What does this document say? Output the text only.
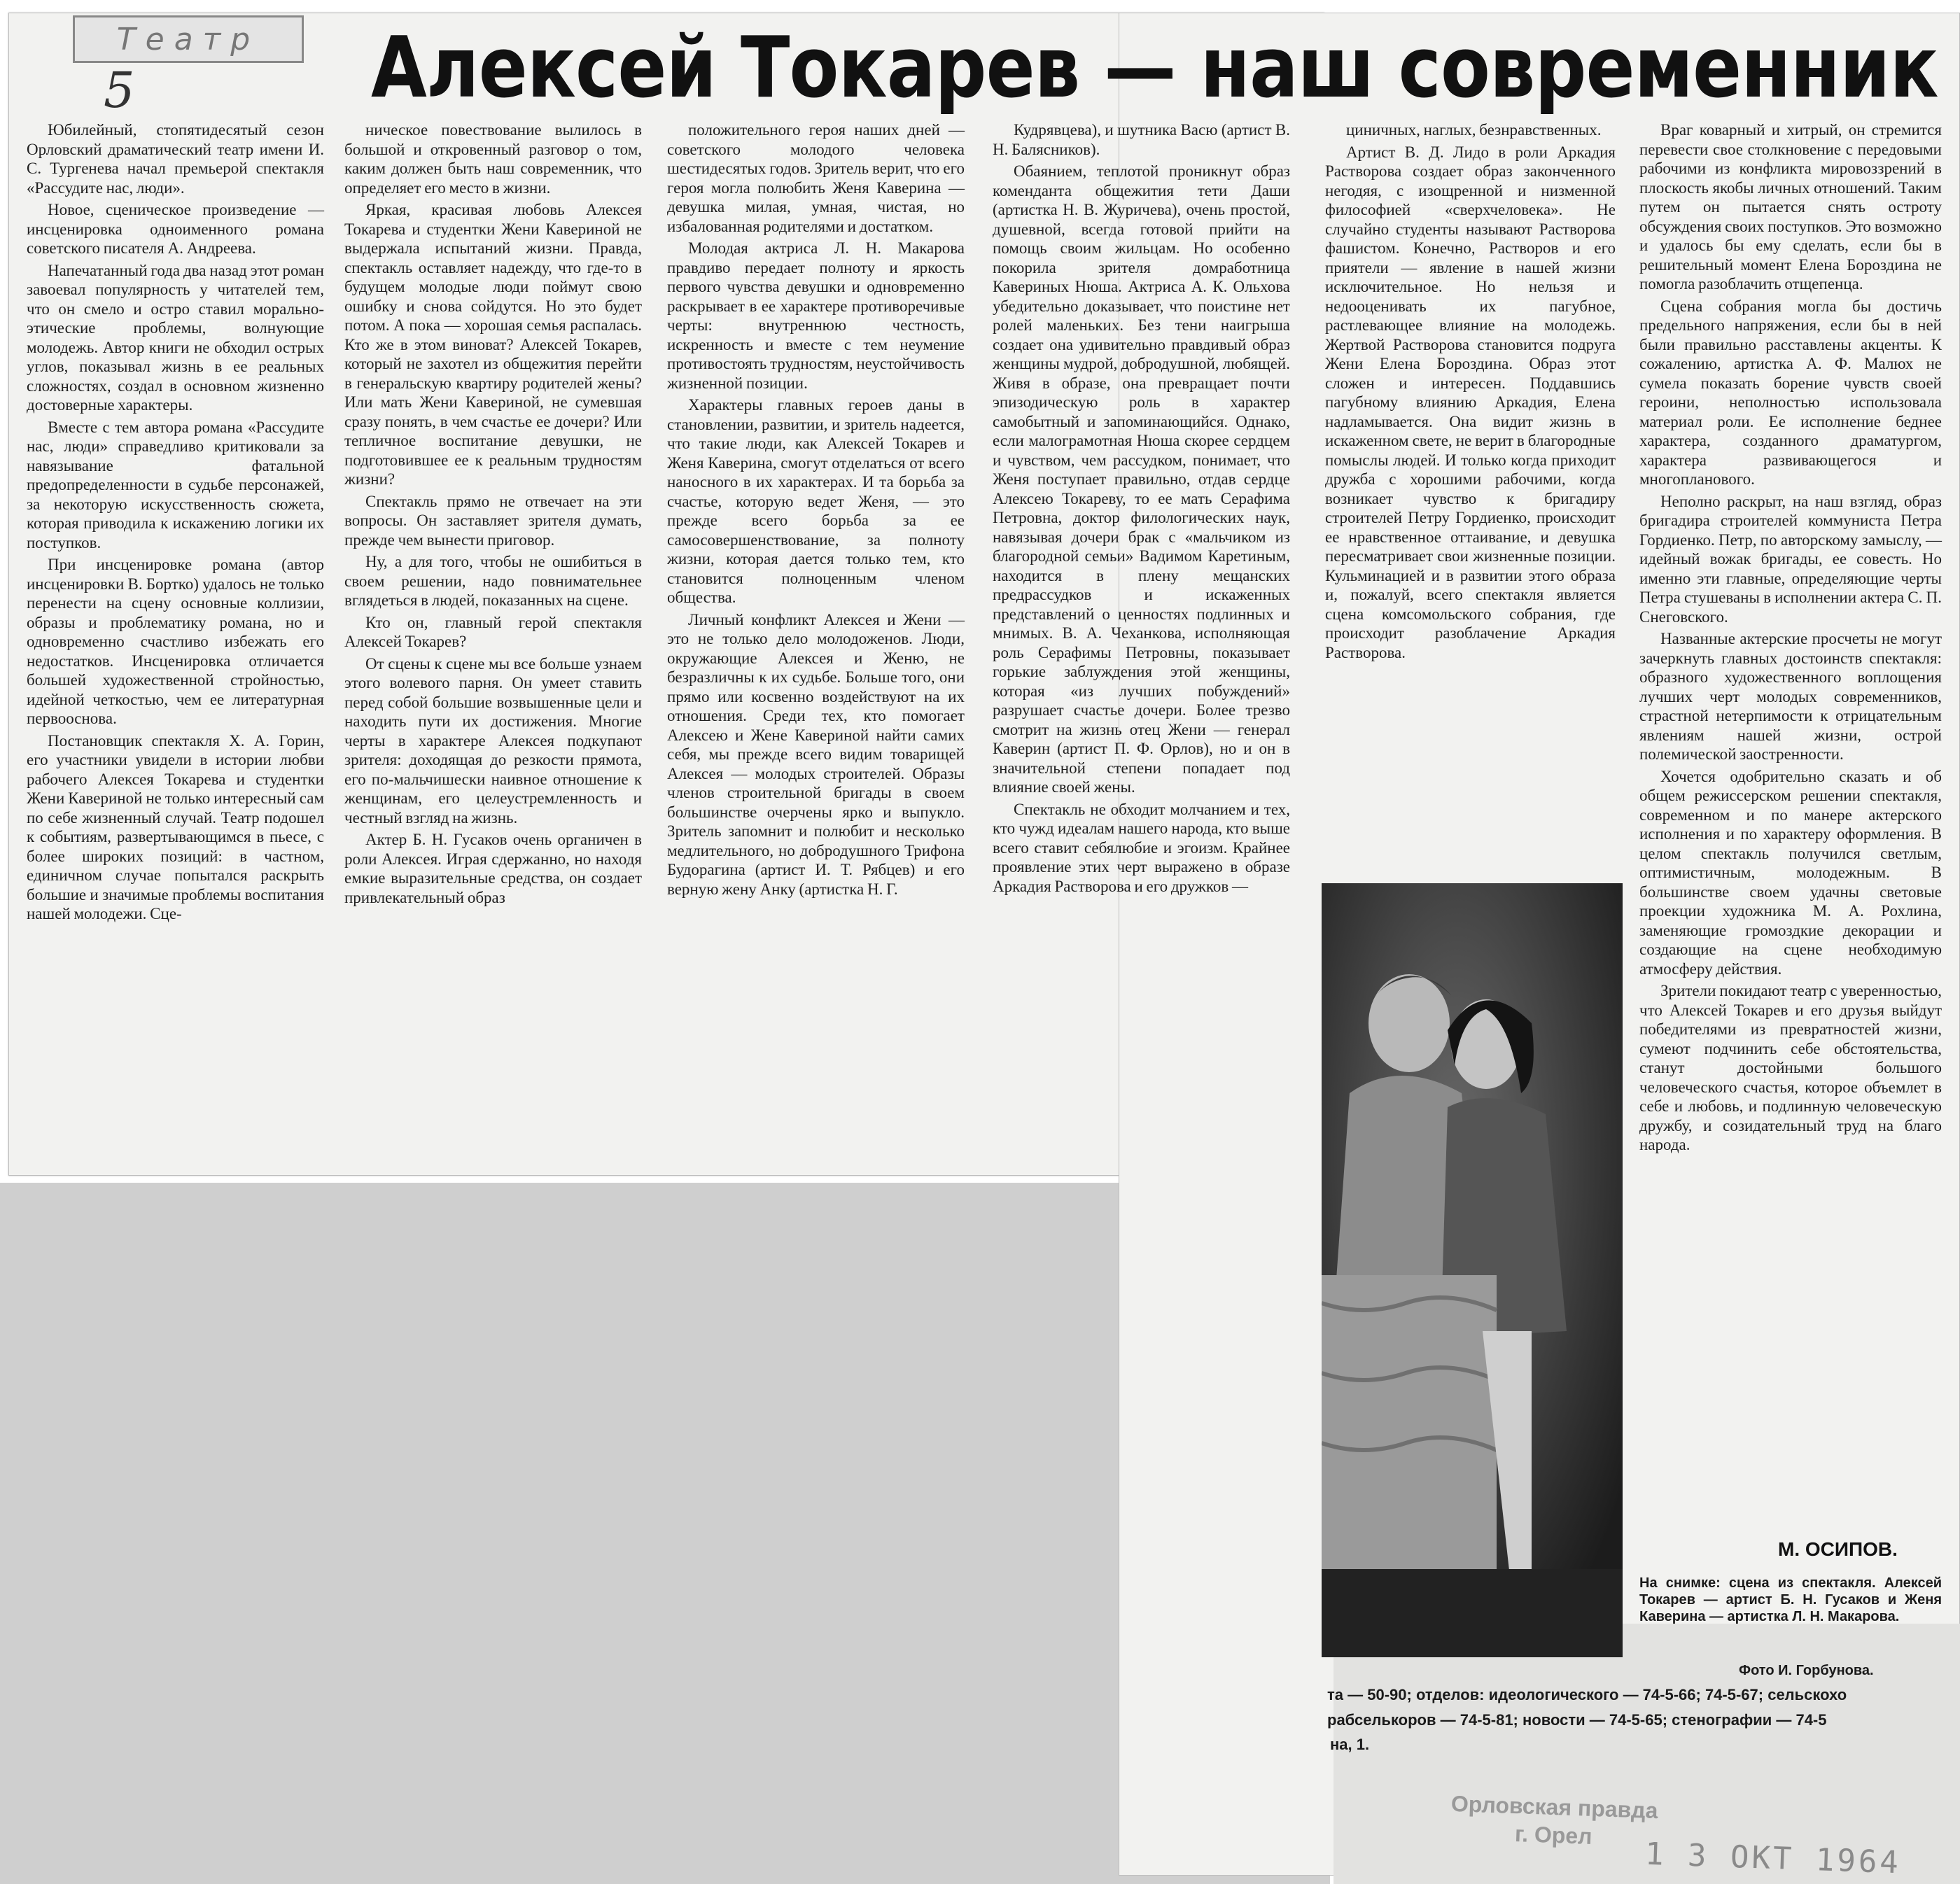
Театр
5	Алексей Токарев — наш современник

Юбилейный, стопятидесятый сезон Орловский драматический театр имени И. С. Тургенева начал премьерой спектакля «Рассудите нас, люди».

Новое, сценическое произведение — инсценировка одноименного романа советского писателя А. Андреева.

Напечатанный года два назад этот роман завоевал популярность у читателей тем, что он смело и остро ставил морально-этические проблемы, волнующие молодежь. Автор книги не обходил острых углов, показывал жизнь в ее реальных сложностях, создал в основном жизненно достоверные характеры.

Вместе с тем автора романа «Рассудите нас, люди» справедливо критиковали за навязывание фатальной предопределенности в судьбе персонажей, за некоторую искусственность сюжета, которая приводила к искажению логики их поступков.

При инсценировке романа (автор инсценировки В. Бортко) удалось не только перенести на сцену основные коллизии, образы и проблематику романа, но и одновременно счастливо избежать его недостатков. Инсценировка отличается большей художественной стройностью, идейной четкостью, чем ее литературная первооснова.

Постановщик спектакля Х. А. Горин, его участники увидели в истории любви рабочего Алексея Токарева и студентки Жени Кавериной не только интересный сам по себе жизненный случай. Театр подошел к событиям, развертывающимся в пьесе, с более широких позиций: в частном, единичном случае попытался раскрыть большие и значимые проблемы воспитания нашей молодежи. Сце-

ническое повествование вылилось в большой и откровенный разговор о том, каким должен быть наш современник, что определяет его место в жизни.

Яркая, красивая любовь Алексея Токарева и студентки Жени Кавериной не выдержала испытаний жизни. Правда, спектакль оставляет надежду, что где-то в будущем молодые люди поймут свою ошибку и снова сойдутся. Но это будет потом. А пока — хорошая семья распалась. Кто же в этом виноват? Алексей Токарев, который не захотел из общежития перейти в генеральскую квартиру родителей жены? Или мать Жени Кавериной, не сумевшая сразу понять, в чем счастье ее дочери? Или тепличное воспитание девушки, не подготовившее ее к реальным трудностям жизни?

Спектакль прямо не отвечает на эти вопросы. Он заставляет зрителя думать, прежде чем вынести приговор.

Ну, а для того, чтобы не ошибиться в своем решении, надо повнимательнее вглядеться в людей, показанных на сцене.

Кто он, главный герой спектакля Алексей Токарев?

От сцены к сцене мы все больше узнаем этого волевого парня. Он умеет ставить перед собой большие возвышенные цели и находить пути их достижения. Многие черты в характере Алексея подкупают зрителя: доходящая до резкости прямота, его по-мальчишески наивное отношение к женщинам, его целеустремленность и честный взгляд на жизнь.

Актер Б. Н. Гусаков очень органичен в роли Алексея. Играя сдержанно, но находя емкие выразительные средства, он создает привлекательный образ

положительного героя наших дней — советского молодого человека шестидесятых годов. Зритель верит, что его героя могла полюбить Женя Каверина — девушка милая, умная, чистая, но избалованная родителями и достатком.

Молодая актриса Л. Н. Макарова правдиво передает полноту и яркость первого чувства девушки и одновременно раскрывает в ее характере противоречивые черты: внутреннюю честность, искренность и вместе с тем неумение противостоять трудностям, неустойчивость жизненной позиции.

Характеры главных героев даны в становлении, развитии, и зритель надеется, что такие люди, как Алексей Токарев и Женя Каверина, смогут отделаться от всего наносного в их характерах. И та борьба за счастье, которую ведет Женя, — это прежде всего борьба за ее самосовершенствование, за полноту жизни, которая дается только тем, кто становится полноценным членом общества.

Личный конфликт Алексея и Жени — это не только дело молодоженов. Люди, окружающие Алексея и Женю, не безразличны к их судьбе. Больше того, они прямо или косвенно воздействуют на их отношения. Среди тех, кто помогает Алексею и Жене Кавериной найти самих себя, мы прежде всего видим товарищей Алексея — молодых строителей. Образы членов строительной бригады в своем большинстве очерчены ярко и выпукло. Зритель запомнит и полюбит и несколько медлительного, но добродушного Трифона Будорагина (артист И. Т. Рябцев) и его верную жену Анку (артистка Н. Г.

Кудрявцева), и шутника Васю (артист В. Н. Балясников).

Обаянием, теплотой проникнут образ коменданта общежития тети Даши (артистка Н. В. Журичева), очень простой, душевной, всегда готовой прийти на помощь своим жильцам. Но особенно покорила зрителя домработница Кавериных Нюша. Актриса А. К. Ольхова убедительно доказывает, что поистине нет ролей маленьких. Без тени наигрыша создает она удивительно правдивый образ женщины мудрой, добродушной, любящей. Живя в образе, она превращает почти эпизодическую роль в характер самобытный и запоминающийся. Однако, если малограмотная Нюша скорее сердцем и чувством, чем рассудком, понимает, что Женя поступает правильно, отдав сердце Алексею Токареву, то ее мать Серафима Петровна, доктор филологических наук, навязывая дочери брак с «мальчиком из благородной семьи» Вадимом Каретиным, находится в плену мещанских предрассудков и искаженных представлений о ценностях подлинных и мнимых. В. А. Чеханкова, исполняющая роль Серафимы Петровны, показывает горькие заблуждения этой женщины, которая «из лучших побуждений» разрушает счастье дочери. Более трезво смотрит на жизнь отец Жени — генерал Каверин (артист П. Ф. Орлов), но и он в значительной степени попадает под влияние своей жены.

Спектакль не обходит молчанием и тех, кто чужд идеалам нашего народа, кто выше всего ставит себялюбие и эгоизм. Крайнее проявление этих черт выражено в образе Аркадия Растворова и его дружков —

циничных, наглых, безнравственных.

Артист В. Д. Лидо в роли Аркадия Растворова создает образ законченного негодяя, с изощренной и низменной философией «сверхчеловека». Не случайно студенты называют Растворова фашистом. Конечно, Растворов и его приятели — явление в нашей жизни исключительное. Но нельзя и недооценивать их пагубное, растлевающее влияние на молодежь. Жертвой Растворова становится подруга Жени Елена Бороздина. Образ этот сложен и интересен. Поддавшись пагубному влиянию Аркадия, Елена надламывается. Она видит жизнь в искаженном свете, не верит в благородные помыслы людей. И только когда приходит дружба с хорошими рабочими, когда возникает чувство к бригадиру строителей Петру Гордиенко, происходит ее нравственное оттаивание, и девушка пересматривает свои жизненные позиции. Кульминацией и в развитии этого образа и, пожалуй, всего спектакля является сцена комсомольского собрания, где происходит разоблачение Аркадия Растворова.

Враг коварный и хитрый, он стремится перевести свое столкновение с передовыми рабочими из конфликта мировоззрений в плоскость якобы личных отношений. Таким путем он пытается снять остроту обсуждения своих поступков. Это возможно и удалось бы ему сделать, если бы в решительный момент Елена Бороздина не помогла разоблачить отщепенца.

Сцена собрания могла бы достичь предельного напряжения, если бы в ней были правильно расставлены акценты. К сожалению, артистка А. Ф. Малюх не сумела показать борение чувств своей героини, неполностью использовала материал роли. Ее исполнение беднее характера, созданного драматургом, характера развивающегося и многопланового.

Неполно раскрыт, на наш взгляд, образ бригадира строителей коммуниста Петра Гордиенко. Петр, по авторскому замыслу, — идейный вожак бригады, ее совесть. Но именно эти главные, определяющие черты Петра стушеваны в исполнении актера С. П. Снеговского.

Названные актерские просчеты не могут зачеркнуть главных достоинств спектакля: образного художественного воплощения лучших черт молодых современников, страстной нетерпимости к отрицательным явлениям нашей жизни, острой полемической заостренности.

Хочется одобрительно сказать и об общем режиссерском решении спектакля, современном и по манере актерского исполнения и по характеру оформления. В целом спектакль получился светлым, оптимистичным, молодежным. В большинстве своем удачны световые проекции художника М. А. Рохлина, заменяющие громоздкие декорации и создающие на сцене необходимую атмосферу действия.

Зрители покидают театр с уверенностью, что Алексей Токарев и его друзья выйдут победителями из превратностей жизни, сумеют подчинить себе обстоятельства, станут достойными большого человеческого счастья, которое объемлет в себе и любовь, и подлинную человеческую дружбу, и созидательный труд на благо народа.

М. ОСИПОВ.
На снимке: сцена из спектакля. Алексей Токарев — артист Б. Н. Гусаков и Женя Каверина — артистка Л. Н. Макарова.
Фото И. Горбунова.
та — 50-90; отделов: идеологического — 74-5-66; 74-5-67; сельскохо
рабселькоров — 74-5-81; новости — 74-5-65; стенографии — 74-5
на, 1.
Орловская правда
г. Орел
1 3 ОКТ 1964
